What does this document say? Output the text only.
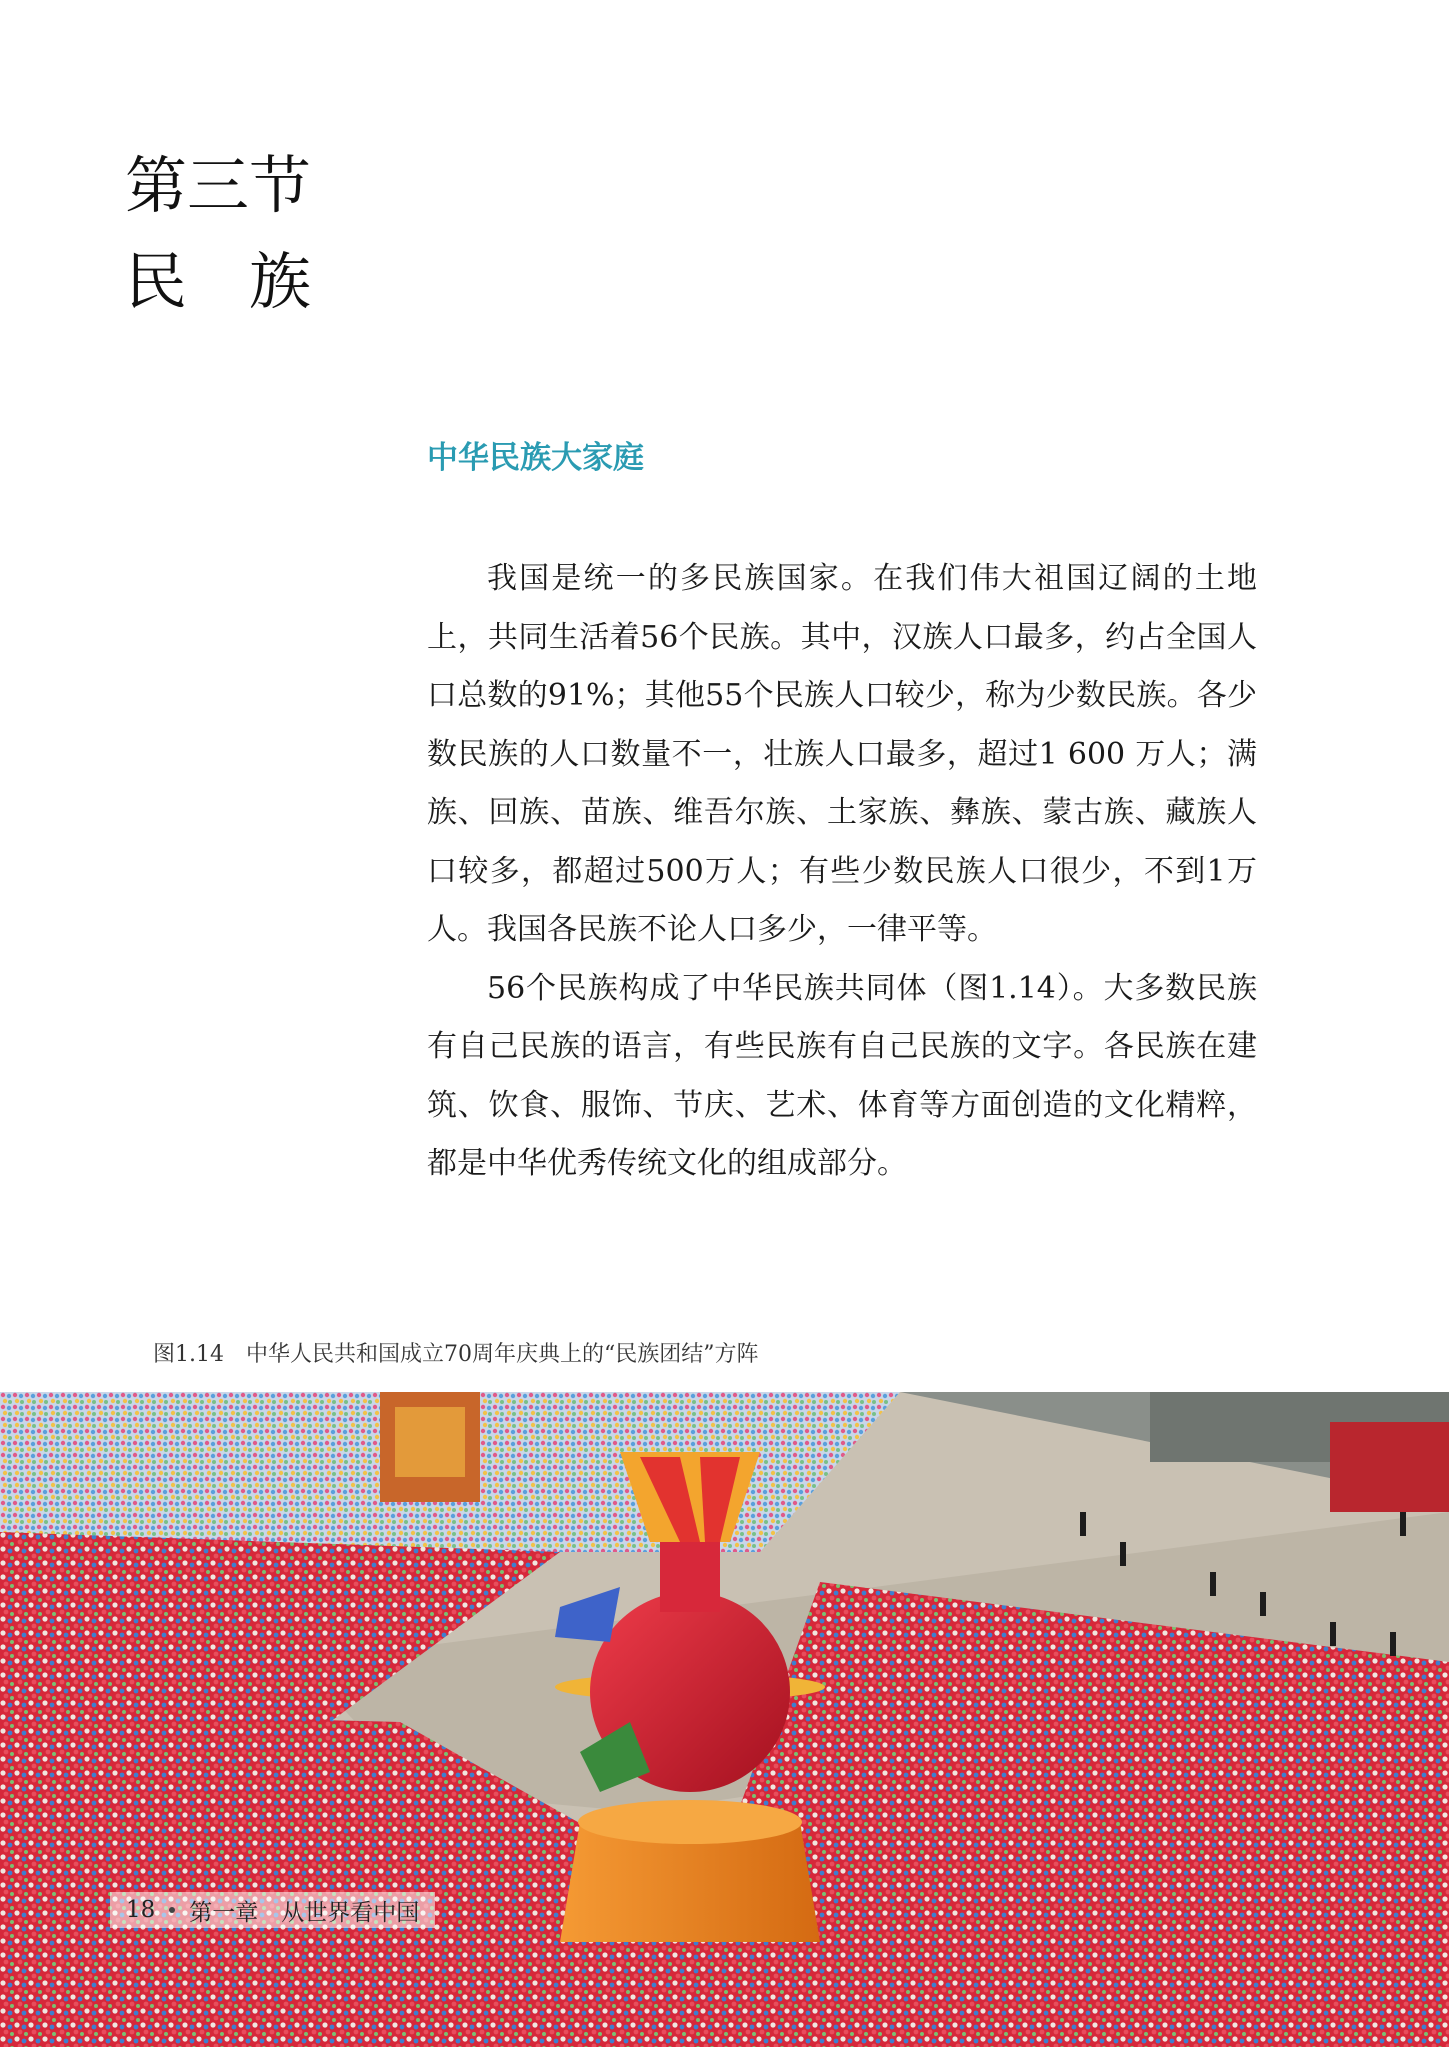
第三节
民　族
中华民族大家庭

我国是统一的多民族国家。在我们伟大祖国辽阔的土地上，共同生活着56个民族。其中，汉族人口最多，约占全国人口总数的91%；其他55个民族人口较少，称为少数民族。各少数民族的人口数量不一，壮族人口最多，超过1 600 万人；满族、回族、苗族、维吾尔族、土家族、彝族、蒙古族、藏族人口较多，都超过500万人；有些少数民族人口很少，不到1万人。我国各民族不论人口多少，一律平等。

56个民族构成了中华民族共同体（图1.14）。大多数民族有自己民族的语言，有些民族有自己民族的文字。各民族在建筑、饮食、服饰、节庆、艺术、体育等方面创造的文化精粹，都是中华优秀传统文化的组成部分。

图1.14　中华人民共和国成立70周年庆典上的“民族团结”方阵
18 第一章　从世界看中国
